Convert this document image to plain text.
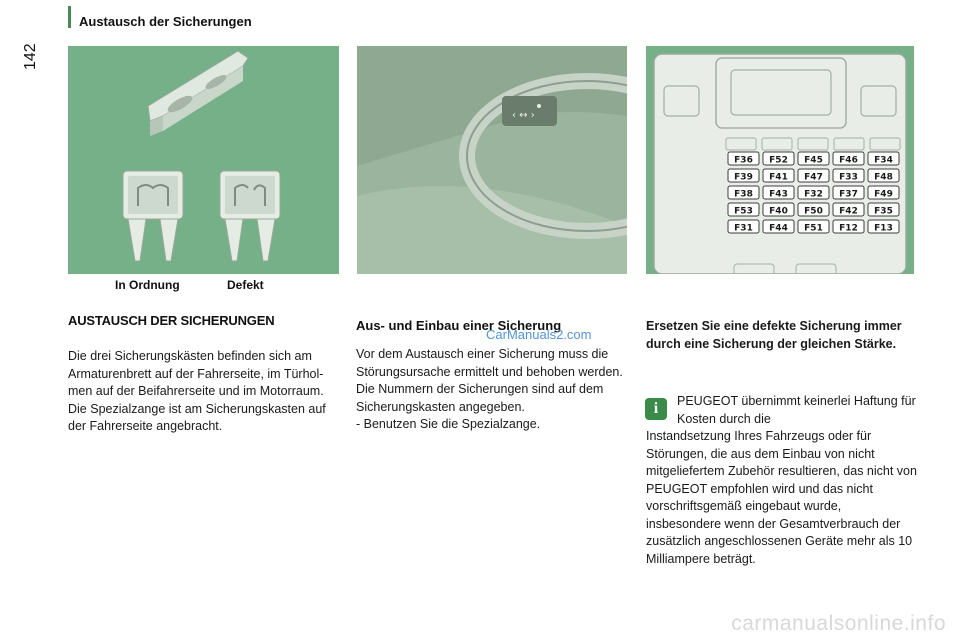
Austausch der Sicherungen
142
In Ordnung	Defekt
‹ ↔ ›
F36 F52 F45 F46 F34
F39 F41 F47 F33 F48
F38 F43 F32 F37 F49
F53 F40 F50 F42 F35
F31 F44 F51 F12 F13
AUSTAUSCH DER SICHERUNGEN
Die drei Sicherungskästen befinden sich am Armaturenbrett auf der Fahrerseite, im Türhol-men auf der Beifahrerseite und im Motorraum. Die Spezialzange ist am Sicherungskasten auf der Fahrerseite angebracht.
Aus- und Einbau einer Sicherung
CarManuals2.com
Vor dem Austausch einer Sicherung muss die Störungsursache ermittelt und behoben werden. Die Nummern der Sicherungen sind auf dem Sicherungskasten angegeben.
- Benutzen Sie die Spezialzange.
Ersetzen Sie eine defekte Sicherung immer durch eine Sicherung der gleichen Stärke.
i	PEUGEOT übernimmt keinerlei Haftung für Kosten durch die
Instandsetzung Ihres Fahrzeugs oder für Störungen, die aus dem Einbau von nicht mitgeliefertem Zubehör resultieren, das nicht von PEUGEOT empfohlen wird und das nicht vorschriftsgemäß eingebaut wurde, insbesondere wenn der Gesamtverbrauch der zusätzlich angeschlossenen Geräte mehr als 10 Milliampere beträgt.
carmanualsonline.info
